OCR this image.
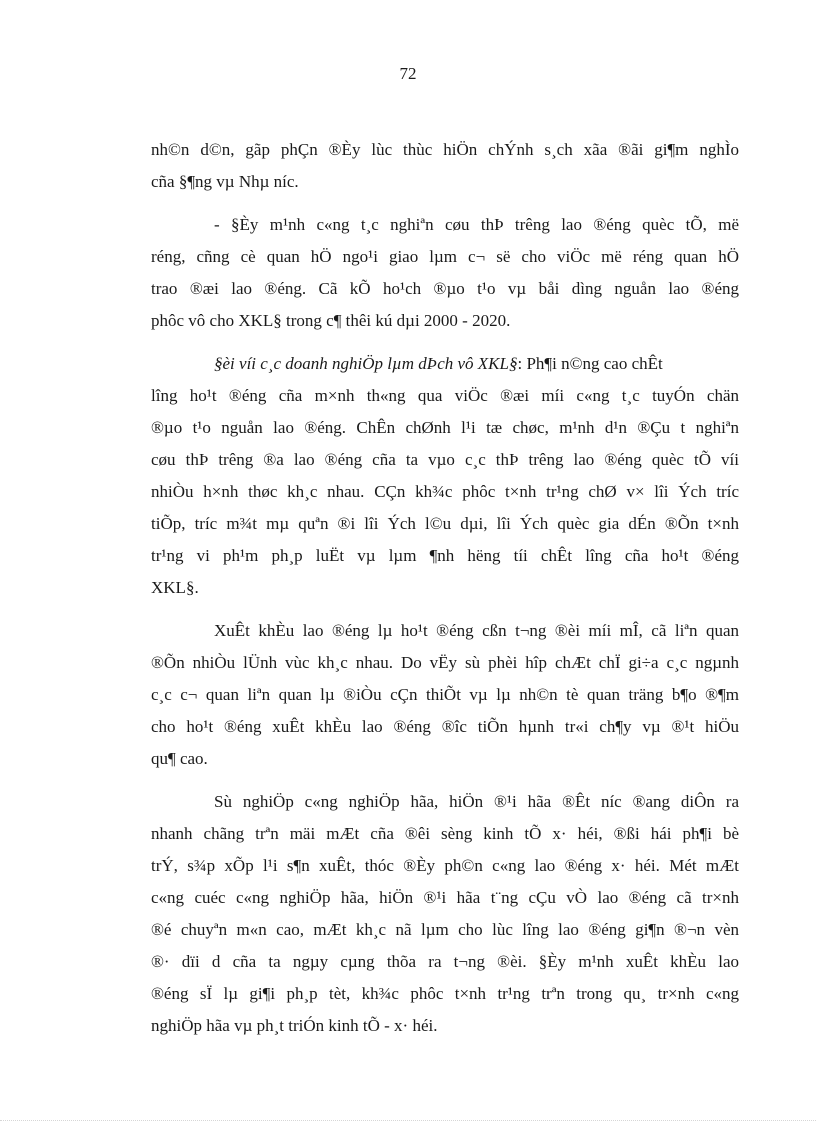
72
nh©n d©n, gãp phÇn ®Èy lùc thùc hiÖn chÝnh s¸ch xãa ®ãi gi¶m nghÌo
cña §¶ng vµ Nhµ níc.
- §Èy m¹nh c«ng t¸c nghiªn cøu thÞ trêng lao ®éng quèc tÕ, më
réng, cñng cè quan hÖ ngo¹i giao lµm c¬ së cho viÖc më réng quan hÖ
trao ®æi lao ®éng. Cã kÕ ho¹ch ®µo t¹o vµ båi dìng nguån lao ®éng
phôc vô cho XKL§ trong c¶ thêi kú dµi 2000 - 2020.
§èi víi c¸c doanh nghiÖp lµm dÞch vô XKL§: Ph¶i n©ng cao chÊt
lîng ho¹t ®éng cña m×nh th«ng qua viÖc ®æi míi c«ng t¸c tuyÓn chän
®µo t¹o nguån lao ®éng. ChÊn chØnh l¹i tæ chøc, m¹nh d¹n ®Çu t nghiªn
cøu thÞ trêng ®a lao ®éng cña ta vµo c¸c thÞ trêng lao ®éng quèc tÕ víi
nhiÒu h×nh thøc kh¸c nhau. CÇn kh¾c phôc t×nh tr¹ng chØ v× lîi Ých tríc
tiÕp, tríc m¾t mµ quªn ®i lîi Ých l©u dµi, lîi Ých quèc gia dÉn ®Õn t×nh
tr¹ng vi ph¹m ph¸p luËt vµ lµm ¶nh hëng tíi chÊt lîng cña ho¹t ®éng
XKL§.
XuÊt khÈu lao ®éng lµ ho¹t ®éng cßn t¬ng ®èi míi mÎ, cã liªn quan
®Õn nhiÒu lÜnh vùc kh¸c nhau. Do vËy sù phèi hîp chÆt chÏ gi÷a c¸c ngµnh
c¸c c¬ quan liªn quan lµ ®iÒu cÇn thiÕt vµ lµ nh©n tè quan träng b¶o ®¶m
cho ho¹t ®éng xuÊt khÈu lao ®éng ®îc tiÕn hµnh tr«i ch¶y vµ ®¹t hiÖu
qu¶ cao.
Sù nghiÖp c«ng nghiÖp hãa, hiÖn ®¹i hãa ®Êt níc ®ang diÔn ra
nhanh chãng trªn mäi mÆt cña ®êi sèng kinh tÕ x· héi, ®ßi hái ph¶i bè
trÝ, s¾p xÕp l¹i s¶n xuÊt, thóc ®Èy ph©n c«ng lao ®éng x· héi. Mét mÆt
c«ng cuéc c«ng nghiÖp hãa, hiÖn ®¹i hãa t¨ng cÇu vÒ lao ®éng cã tr×nh
®é chuyªn m«n cao, mÆt kh¸c nã lµm cho lùc lîng lao ®éng gi¶n ®¬n vèn
®· dïi d cña ta ngµy cµng thõa ra t¬ng ®èi. §Èy m¹nh xuÊt khÈu lao
®éng sÏ lµ gi¶i ph¸p tèt, kh¾c phôc t×nh tr¹ng trªn trong qu¸ tr×nh c«ng
nghiÖp hãa vµ ph¸t triÓn kinh tÕ - x· héi.
